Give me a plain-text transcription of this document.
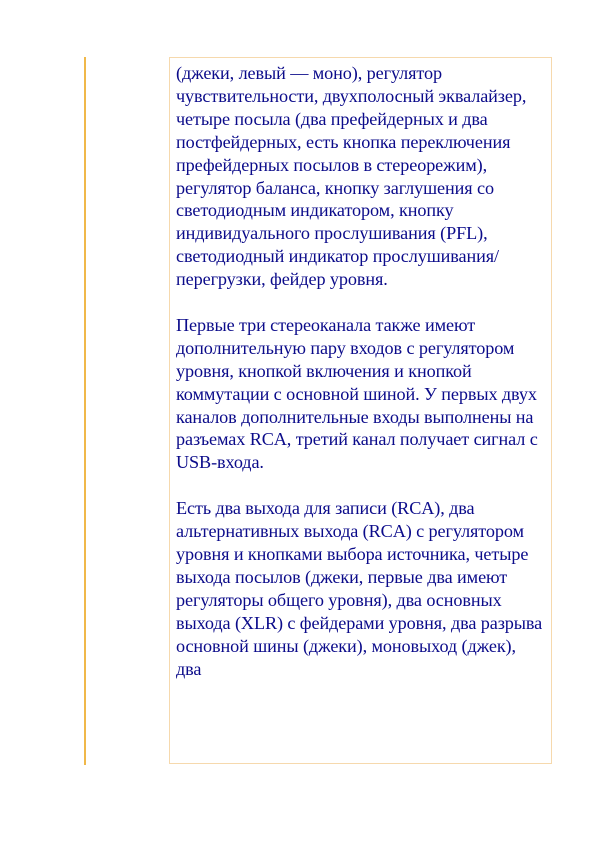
(джеки, левый — моно), регулятор чувствительности, двухполосный эквалайзер, четыре посыла (два префейдерных и два постфейдерных, есть кнопка переключения префейдерных посылов в стереорежим), регулятор баланса, кнопку заглушения со светодиодным индикатором, кнопку индивидуального прослушивания (PFL), светодиодный индикатор прослушивания/перегрузки, фейдер уровня.

Первые три стереоканала также имеют дополнительную пару входов с регулятором уровня, кнопкой включения и кнопкой коммутации с основной шиной. У первых двух каналов дополнительные входы выполнены на разъемах RCA, третий канал получает сигнал с USB-входа.

Есть два выхода для записи (RCA), два альтернативных выхода (RCA) с регулятором уровня и кнопками выбора источника, четыре выхода посылов (джеки, первые два имеют регуляторы общего уровня), два основных выхода (XLR) с фейдерами уровня, два разрыва основной шины (джеки), моновыход (джек), два
